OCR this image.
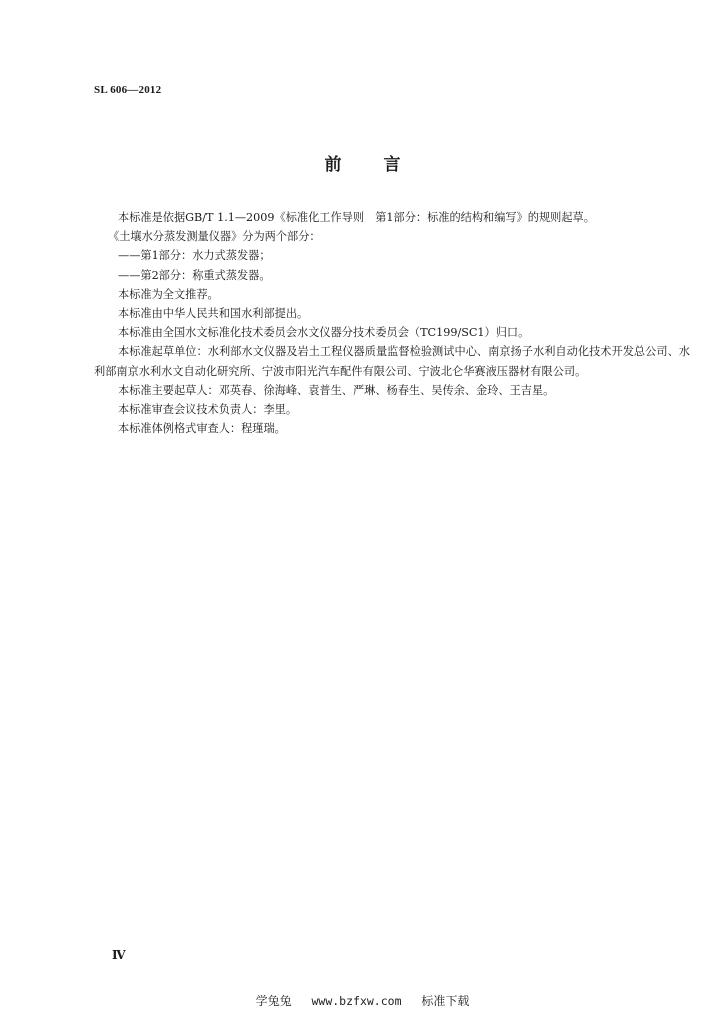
SL 606—2012
前言

本标准是依据GB/T 1.1—2009《标准化工作导则　第1部分：标准的结构和编写》的规则起草。

《土壤水分蒸发测量仪器》分为两个部分：

——第1部分：水力式蒸发器；

——第2部分：称重式蒸发器。

本标准为全文推荐。

本标准由中华人民共和国水利部提出。

本标准由全国水文标准化技术委员会水文仪器分技术委员会（TC199/SC1）归口。

本标准起草单位：水利部水文仪器及岩土工程仪器质量监督检验测试中心、南京扬子水利自动化技术开发总公司、水利部南京水利水文自动化研究所、宁波市阳光汽车配件有限公司、宁波北仑华赛液压器材有限公司。

本标准主要起草人：邓英春、徐海峰、袁普生、严琳、杨春生、吴传余、金玲、王吉星。

本标准审查会议技术负责人：李里。

本标准体例格式审查人：程瑾瑞。

Ⅳ
学兔兔 www.bzfxw.com 标准下载
